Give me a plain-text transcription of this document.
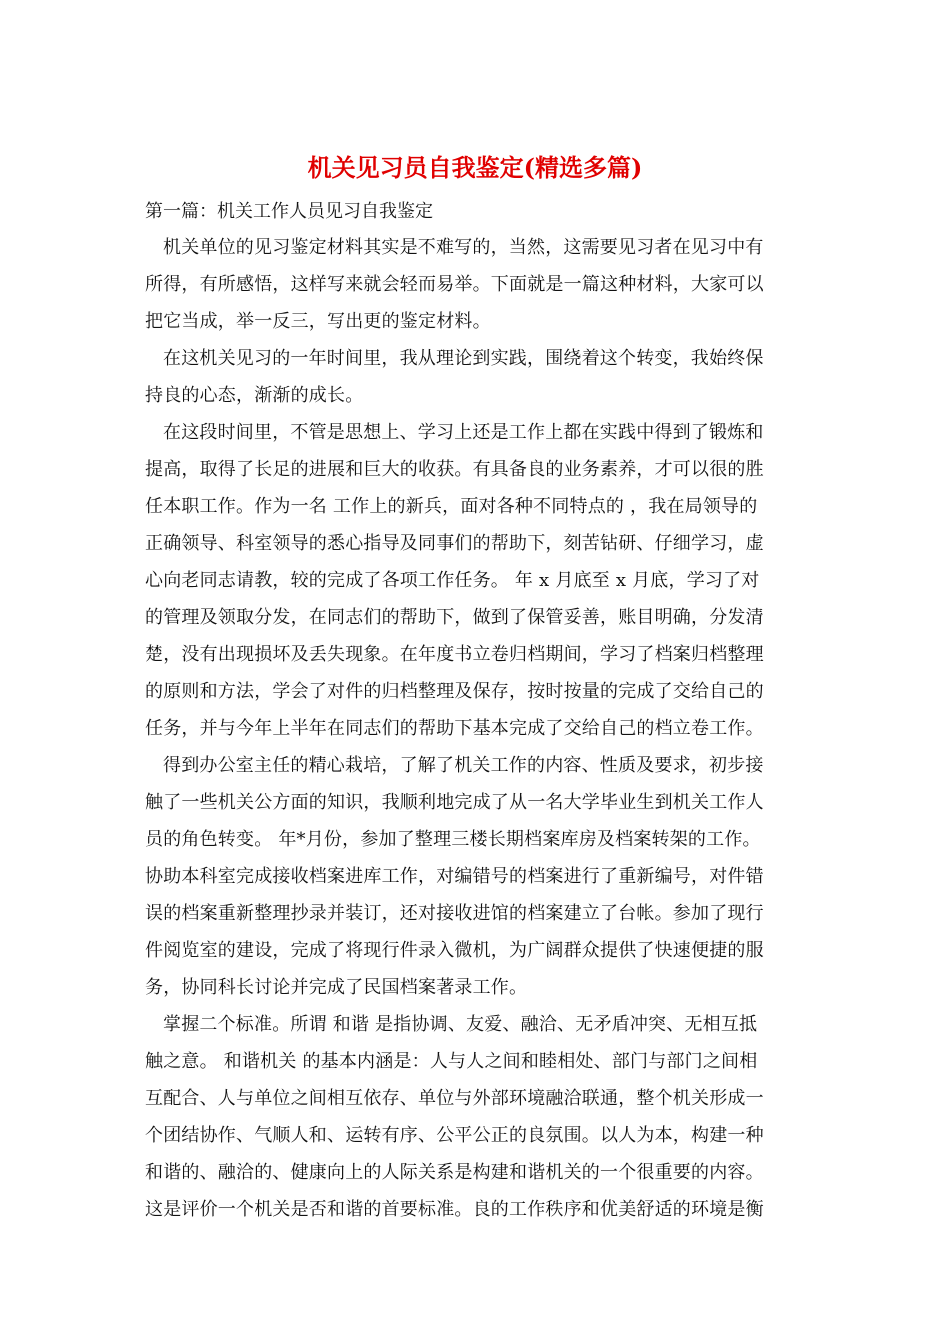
机关见习员自我鉴定(精选多篇)
第一篇：机关工作人员见习自我鉴定
机关单位的见习鉴定材料其实是不难写的，当然，这需要见习者在见习中有
所得，有所感悟，这样写来就会轻而易举。下面就是一篇这种材料，大家可以
把它当成，举一反三，写出更的鉴定材料。
在这机关见习的一年时间里，我从理论到实践，围绕着这个转变，我始终保
持良的心态，渐渐的成长。
在这段时间里，不管是思想上、学习上还是工作上都在实践中得到了锻炼和
提高，取得了长足的进展和巨大的收获。有具备良的业务素养，才可以很的胜
任本职工作。作为一名 工作上的新兵，面对各种不同特点的 ，我在局领导的
正确领导、科室领导的悉心指导及同事们的帮助下，刻苦钻研、仔细学习，虚
心向老同志请教，较的完成了各项工作任务。 年 x 月底至 x 月底，学习了对
的管理及领取分发，在同志们的帮助下，做到了保管妥善，账目明确，分发清
楚，没有出现损坏及丢失现象。在年度书立卷归档期间，学习了档案归档整理
的原则和方法，学会了对件的归档整理及保存，按时按量的完成了交给自己的
任务，并与今年上半年在同志们的帮助下基本完成了交给自己的档立卷工作。
得到办公室主任的精心栽培，了解了机关工作的内容、性质及要求，初步接
触了一些机关公方面的知识，我顺利地完成了从一名大学毕业生到机关工作人
员的角色转变。 年*月份，参加了整理三楼长期档案库房及档案转架的工作。
协助本科室完成接收档案进库工作，对编错号的档案进行了重新编号，对件错
误的档案重新整理抄录并装订，还对接收进馆的档案建立了台帐。参加了现行
件阅览室的建设，完成了将现行件录入微机，为广阔群众提供了快速便捷的服
务，协同科长讨论并完成了民国档案著录工作。
掌握二个标准。所谓 和谐 是指协调、友爱、融洽、无矛盾冲突、无相互抵
触之意。 和谐机关 的基本内涵是：人与人之间和睦相处、部门与部门之间相
互配合、人与单位之间相互依存、单位与外部环境融洽联通，整个机关形成一
个团结协作、气顺人和、运转有序、公平公正的良氛围。以人为本，构建一种
和谐的、融洽的、健康向上的人际关系是构建和谐机关的一个很重要的内容。
这是评价一个机关是否和谐的首要标准。良的工作秩序和优美舒适的环境是衡
